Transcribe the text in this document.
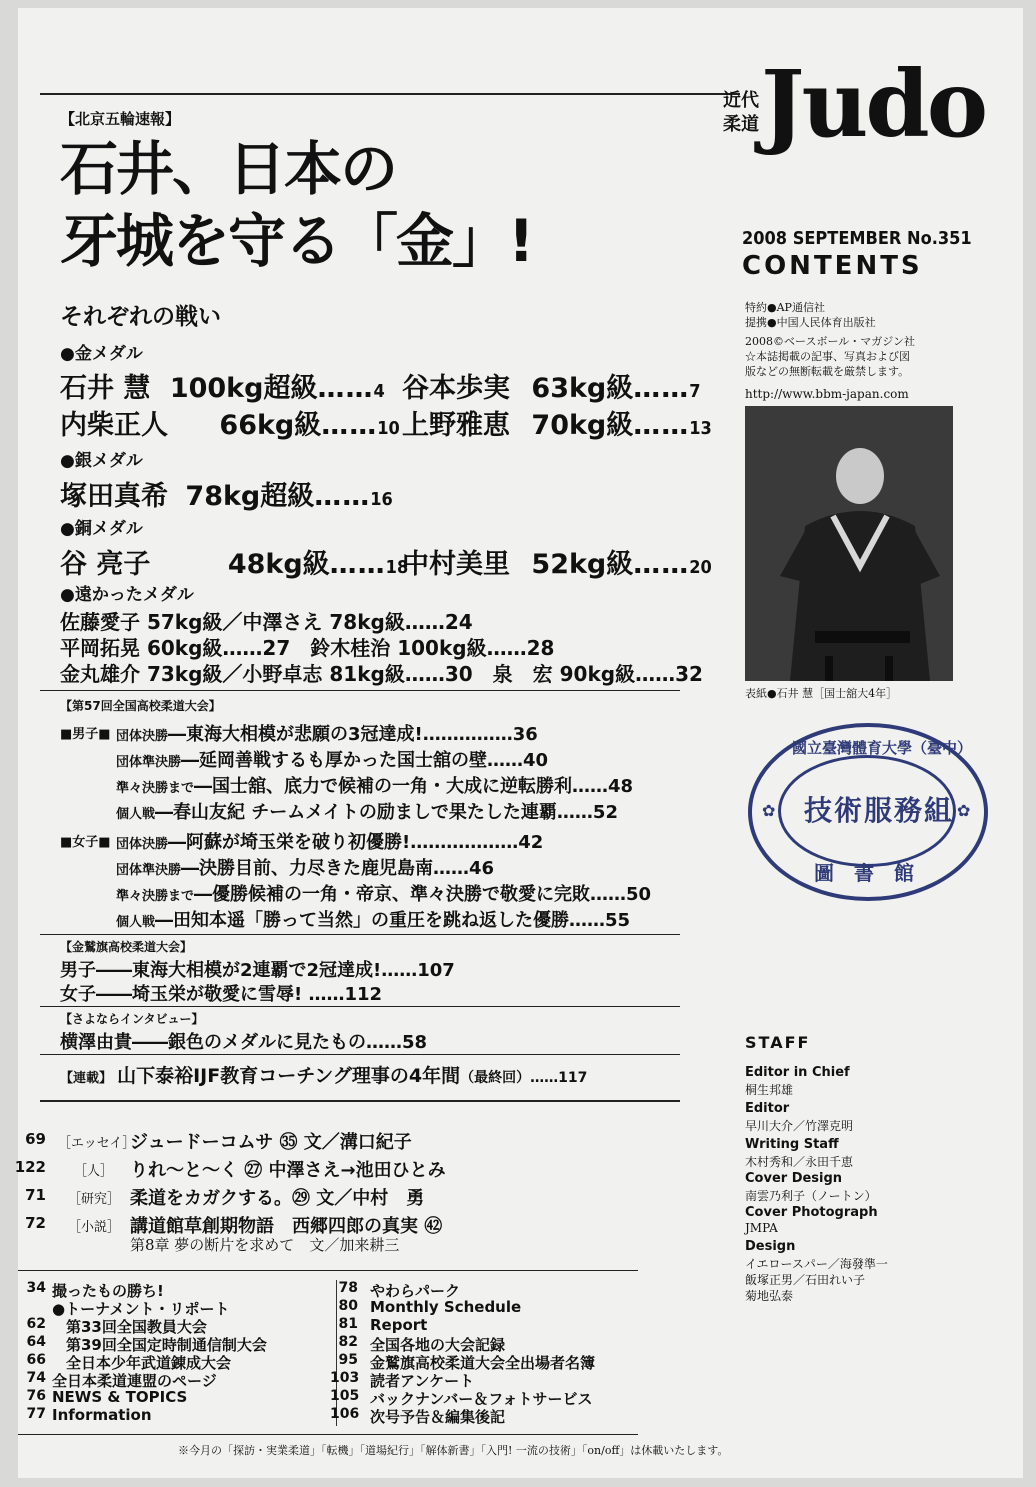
近代
柔道 Judo
2008 SEPTEMBER No.351
CONTENTS
特約●AP通信社
提携●中国人民体育出版社
2008©ベースボール・マガジン社
☆本誌掲載の記事、写真および図
版などの無断転載を厳禁します。
http://www.bbm-japan.com
表紙●石井 慧［国士舘大4年］
國立臺灣體育大學（臺中）
技術服務組
圖　書　館
✿	✿
【北京五輪速報】
石井、日本の
牙城を守る「金」!
それぞれの戦い
●金メダル
石井 慧 100kg超級……4 谷本歩実 63kg級……7
内柴正人 66kg級……10 上野雅恵 70kg級……13
●銀メダル
塚田真希 78kg超級……16
●銅メダル
谷 亮子	48kg級……18
中村美里 52kg級……20
●遠かったメダル
佐藤愛子 57kg級／中澤さえ 78kg級……24
平岡拓晃 60kg級……27　鈴木桂治 100kg級……28
金丸雄介 73kg級／小野卓志 81kg級……30　泉　宏 90kg級……32
【第57回全国高校柔道大会】
■男子■ 団体決勝―東海大相模が悲願の3冠達成!……………36
団体準決勝―延岡善戦するも厚かった国士舘の壁……40
準々決勝まで―国士舘、底力で候補の一角・大成に逆転勝利……48
個人戦―春山友紀 チームメイトの励ましで果たした連覇……52
■女子■ 団体決勝―阿蘇が埼玉栄を破り初優勝!………………42
団体準決勝―決勝目前、力尽きた鹿児島南……46
準々決勝まで―優勝候補の一角・帝京、準々決勝で敬愛に完敗……50
個人戦―田知本遥「勝って当然」の重圧を跳ね返した優勝……55
【金鷲旗高校柔道大会】
男子――東海大相模が2連覇で2冠達成!……107
女子――埼玉栄が敬愛に雪辱! ……112
【さよならインタビュー】
横澤由貴――銀色のメダルに見たもの……58
【連載】 山下泰裕IJF教育コーチング理事の4年間（最終回）……117
69 ［エッセイ］
ジュードーコムサ ㉟ 文／溝口紀子
122 ［人］ りれ～と～く ㉗ 中澤さえ→池田ひとみ
71 ［研究］ 柔道をカガクする。㉙ 文／中村　勇
72 ［小説］ 講道館草創期物語　西郷四郎の真実 ㊷
第8章 夢の断片を求めて　文／加来耕三
34 撮ったもの勝ち!
●トーナメント・リポート
62 第33回全国教員大会
64 第39回全国定時制通信制大会
66 全日本少年武道錬成大会
74 全日本柔道連盟のページ
76 NEWS & TOPICS
77 Information
78 やわらパーク
80 Monthly Schedule
81 Report
82 全国各地の大会記録
95 金鷲旗高校柔道大会全出場者名簿
103 読者アンケート
105 バックナンバー＆フォトサービス
106 次号予告＆編集後記
※今月の「探訪・実業柔道」「転機」「道場紀行」「解体新書」「入門! 一流の技術」「on/off」は休載いたします。
STAFF
Editor in Chief
桐生邦雄
Editor
早川大介／竹澤克明
Writing Staff
木村秀和／永田千恵
Cover Design
南雲乃利子（ノートン）
Cover Photograph
JMPA
Design
イエロースパー／海發準一
飯塚正男／石田れい子
菊地弘泰
